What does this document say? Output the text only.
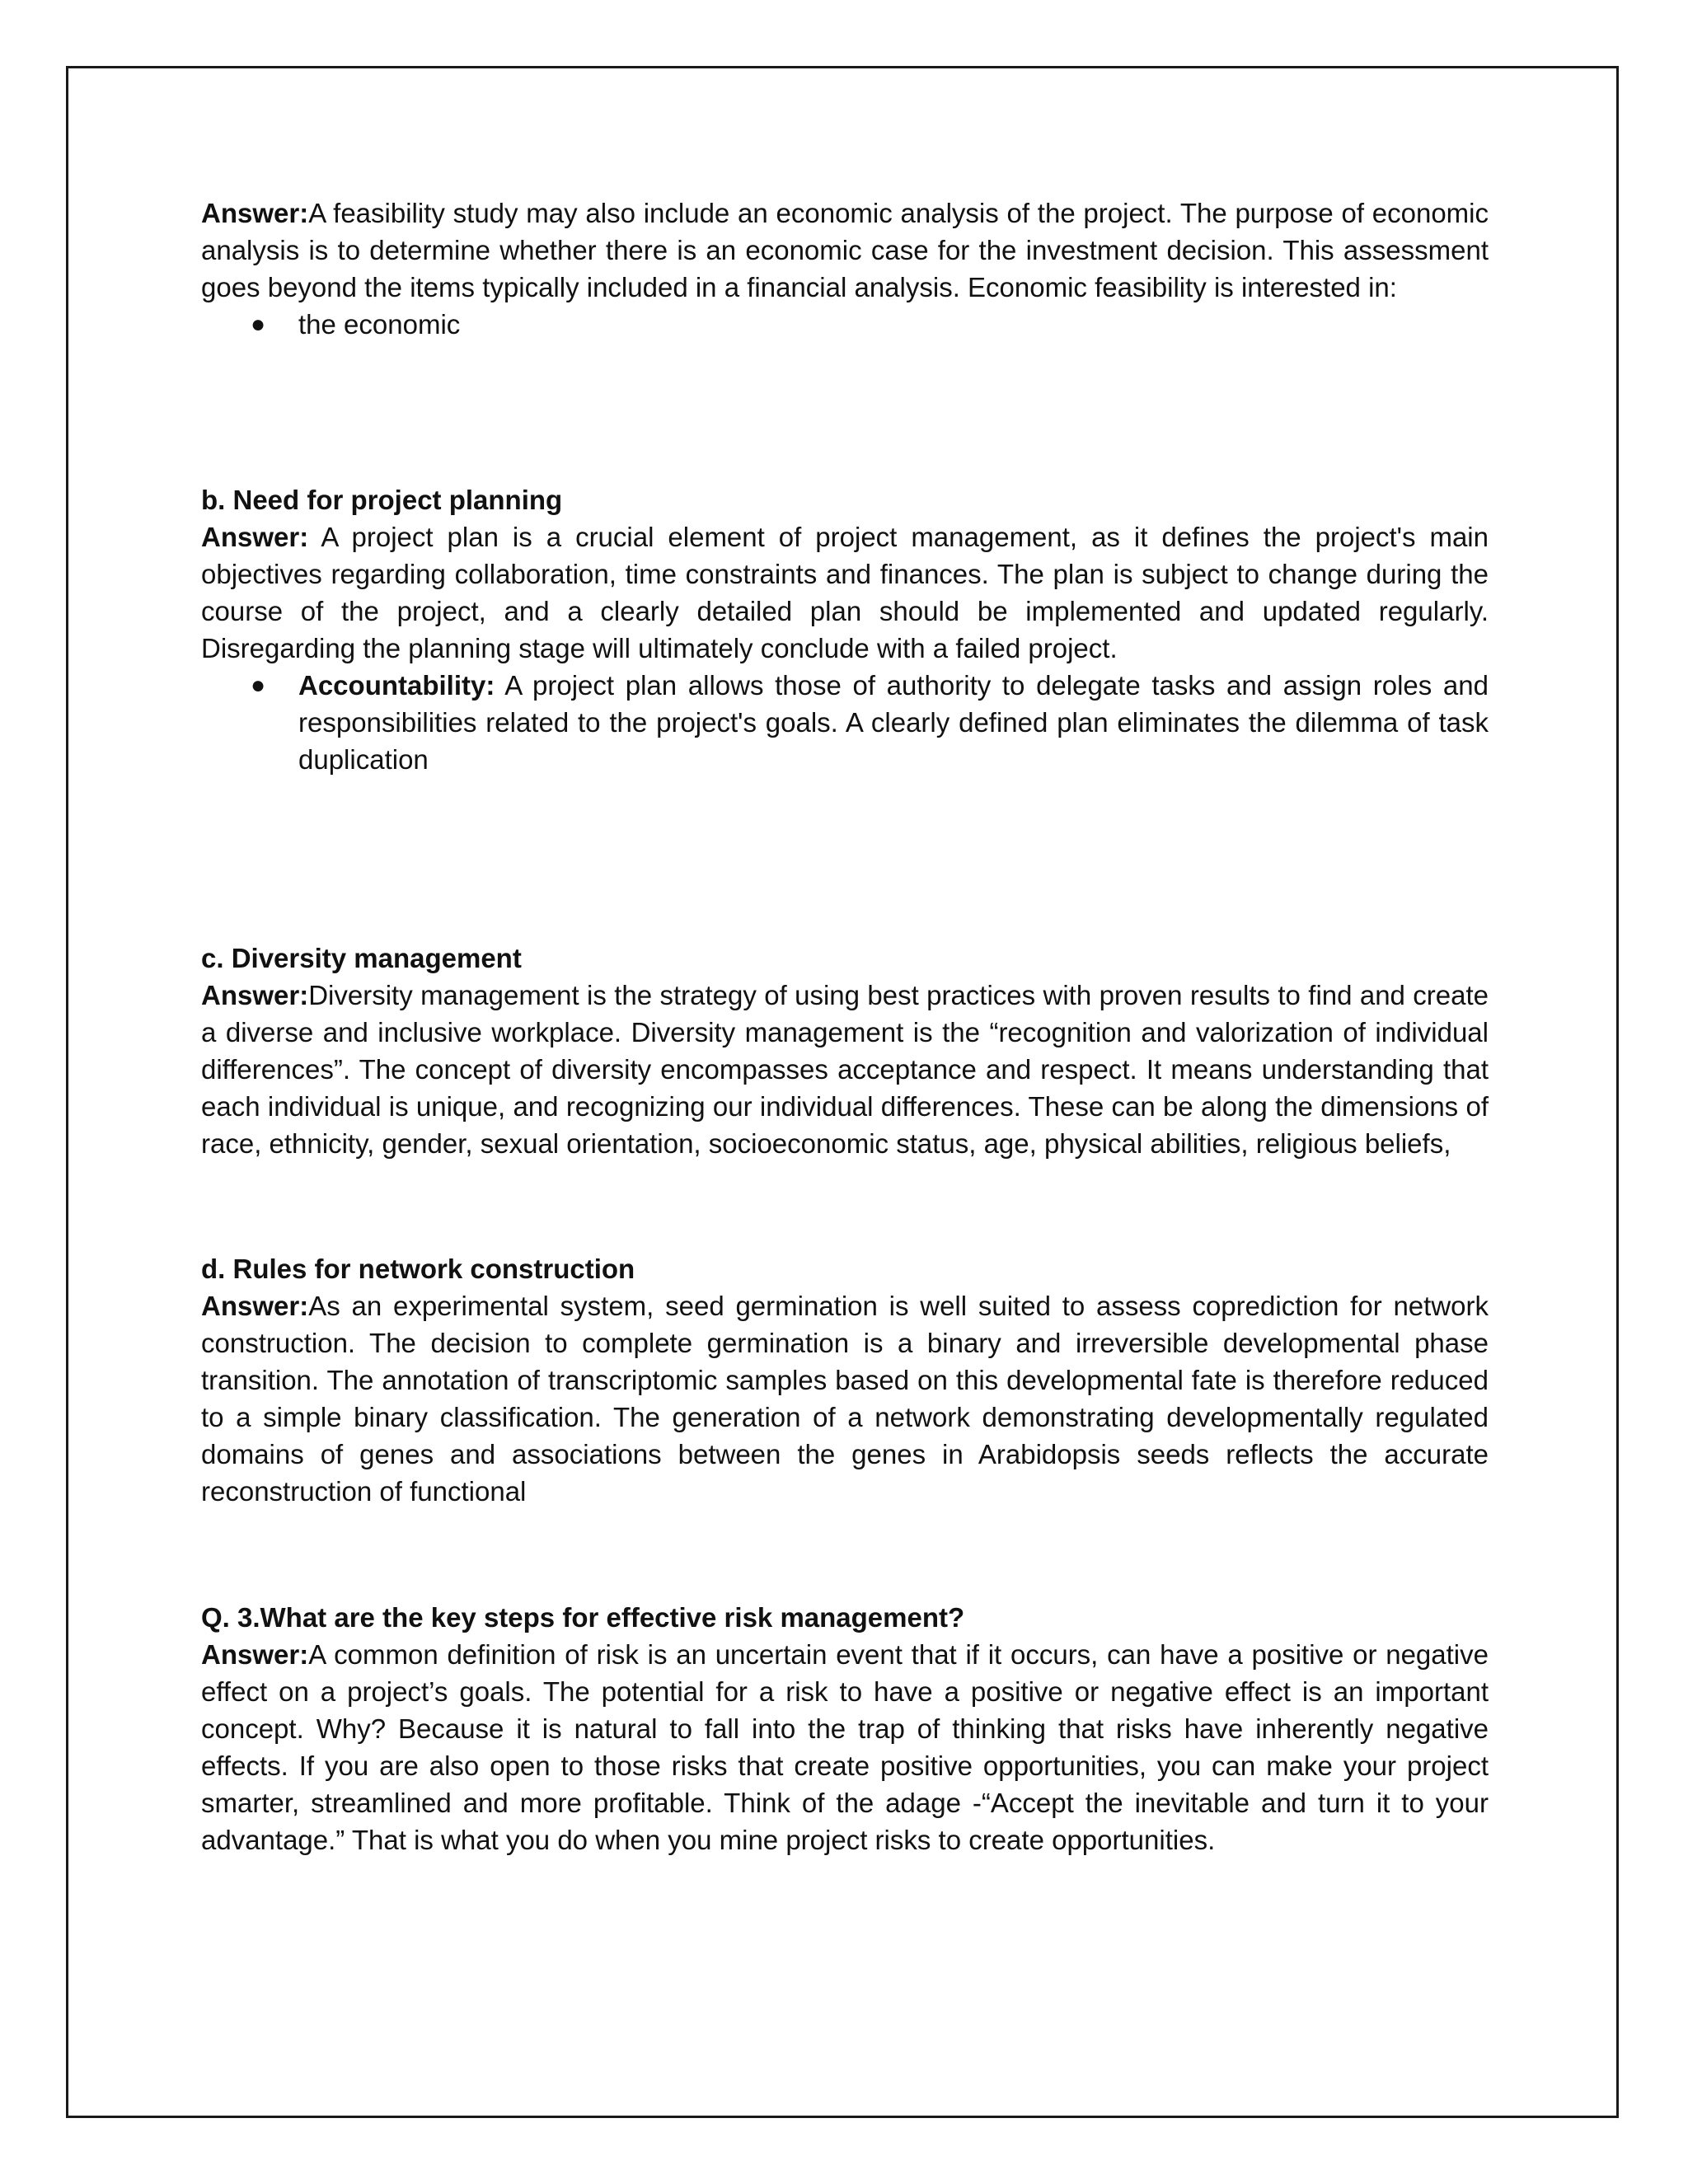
Answer:A feasibility study may also include an economic analysis of the project. The purpose of economic analysis is to determine whether there is an economic case for the investment decision. This assessment goes beyond the items typically included in a financial analysis. Economic feasibility is interested in:

● the economic

b. Need for project planning

Answer: A project plan is a crucial element of project management, as it defines the project's main objectives regarding collaboration, time constraints and finances. The plan is subject to change during the course of the project, and a clearly detailed plan should be implemented and updated regularly. Disregarding the planning stage will ultimately conclude with a failed project.

● Accountability: A project plan allows those of authority to delegate tasks and assign roles and responsibilities related to the project's goals. A clearly defined plan eliminates the dilemma of task duplication

c. Diversity management

Answer:Diversity management is the strategy of using best practices with proven results to find and create a diverse and inclusive workplace. Diversity management is the “recognition and valorization of individual differences”. The concept of diversity encompasses acceptance and respect. It means understanding that each individual is unique, and recognizing our individual differences. These can be along the dimensions of race, ethnicity, gender, sexual orientation, socioeconomic status, age, physical abilities, religious beliefs,

d. Rules for network construction

Answer:As an experimental system, seed germination is well suited to assess coprediction for network construction. The decision to complete germination is a binary and irreversible developmental phase transition. The annotation of transcriptomic samples based on this developmental fate is therefore reduced to a simple binary classification. The generation of a network demonstrating developmentally regulated domains of genes and associations between the genes in Arabidopsis seeds reflects the accurate reconstruction of functional

Q. 3.What are the key steps for effective risk management?

Answer:A common definition of risk is an uncertain event that if it occurs, can have a positive or negative effect on a project’s goals. The potential for a risk to have a positive or negative effect is an important concept. Why? Because it is natural to fall into the trap of thinking that risks have inherently negative effects. If you are also open to those risks that create positive opportunities, you can make your project smarter, streamlined and more profitable. Think of the adage -“Accept the inevitable and turn it to your advantage.” That is what you do when you mine project risks to create opportunities.
